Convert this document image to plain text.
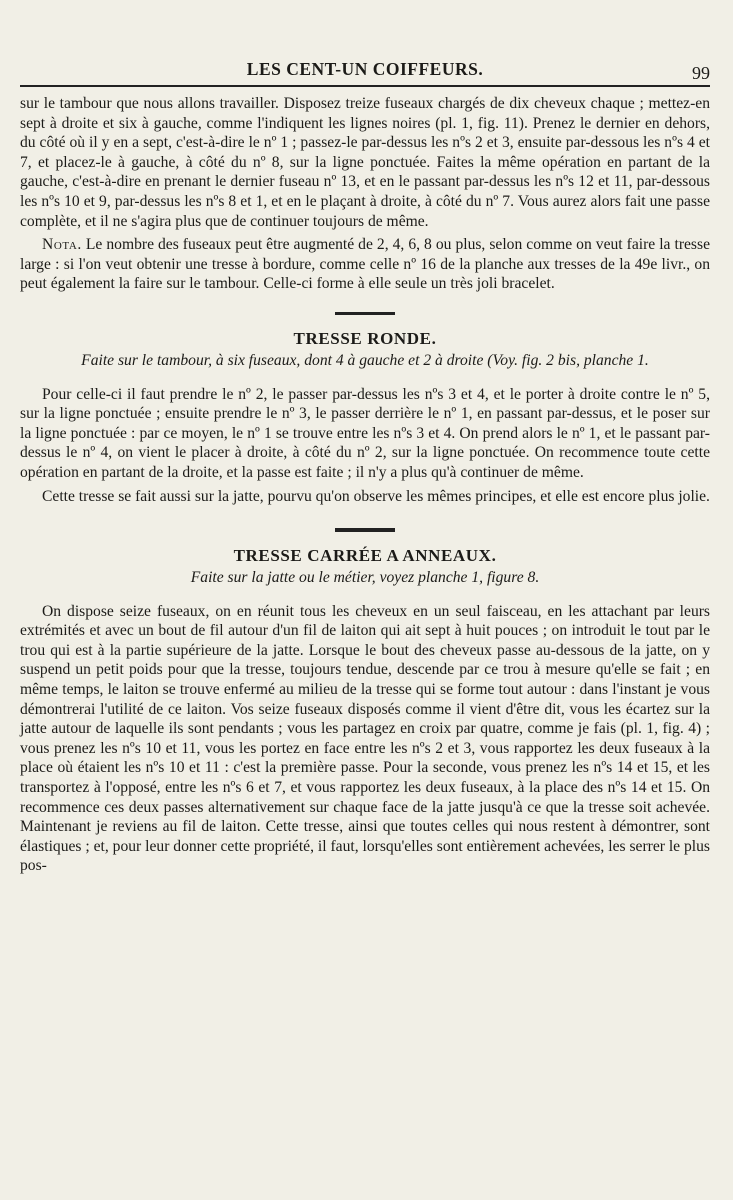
LES CENT-UN COIFFEURS.	99

sur le tambour que nous allons travailler. Disposez treize fuseaux chargés de dix cheveux chaque ; mettez-en sept à droite et six à gauche, comme l'indiquent les lignes noires (pl. 1, fig. 11). Prenez le dernier en dehors, du côté où il y en a sept, c'est-à-dire le nº 1 ; passez-le par-dessus les nºs 2 et 3, ensuite par-dessous les nºs 4 et 7, et placez-le à gauche, à côté du nº 8, sur la ligne ponctuée. Faites la même opération en partant de la gauche, c'est-à-dire en prenant le dernier fuseau nº 13, et en le passant par-dessus les nºs 12 et 11, par-dessous les nºs 10 et 9, par-dessus les nºs 8 et 1, et en le plaçant à droite, à côté du nº 7. Vous aurez alors fait une passe complète, et il ne s'agira plus que de continuer toujours de même.

Nota. Le nombre des fuseaux peut être augmenté de 2, 4, 6, 8 ou plus, selon comme on veut faire la tresse large : si l'on veut obtenir une tresse à bordure, comme celle nº 16 de la planche aux tresses de la 49e livr., on peut également la faire sur le tambour. Celle-ci forme à elle seule un très joli bracelet.

TRESSE RONDE.
Faite sur le tambour, à six fuseaux, dont 4 à gauche et 2 à droite (Voy. fig. 2 bis, planche 1.

Pour celle-ci il faut prendre le nº 2, le passer par-dessus les nºs 3 et 4, et le porter à droite contre le nº 5, sur la ligne ponctuée ; ensuite prendre le nº 3, le passer derrière le nº 1, en passant par-dessus, et le poser sur la ligne ponctuée : par ce moyen, le nº 1 se trouve entre les nºs 3 et 4. On prend alors le nº 1, et le passant par-dessus le nº 4, on vient le placer à droite, à côté du nº 2, sur la ligne ponctuée. On recommence toute cette opération en partant de la droite, et la passe est faite ; il n'y a plus qu'à continuer de même.

Cette tresse se fait aussi sur la jatte, pourvu qu'on observe les mêmes principes, et elle est encore plus jolie.

TRESSE CARRÉE A ANNEAUX.
Faite sur la jatte ou le métier, voyez planche 1, figure 8.

On dispose seize fuseaux, on en réunit tous les cheveux en un seul faisceau, en les attachant par leurs extrémités et avec un bout de fil autour d'un fil de laiton qui ait sept à huit pouces ; on introduit le tout par le trou qui est à la partie supérieure de la jatte. Lorsque le bout des cheveux passe au-dessous de la jatte, on y suspend un petit poids pour que la tresse, toujours tendue, descende par ce trou à mesure qu'elle se fait ; en même temps, le laiton se trouve enfermé au milieu de la tresse qui se forme tout autour : dans l'instant je vous démontrerai l'utilité de ce laiton. Vos seize fuseaux disposés comme il vient d'être dit, vous les écartez sur la jatte autour de laquelle ils sont pendants ; vous les partagez en croix par quatre, comme je fais (pl. 1, fig. 4) ; vous prenez les nºs 10 et 11, vous les portez en face entre les nºs 2 et 3, vous rapportez les deux fuseaux à la place où étaient les nºs 10 et 11 : c'est la première passe. Pour la seconde, vous prenez les nºs 14 et 15, et les transportez à l'opposé, entre les nºs 6 et 7, et vous rapportez les deux fuseaux, à la place des nºs 14 et 15. On recommence ces deux passes alternativement sur chaque face de la jatte jusqu'à ce que la tresse soit achevée. Maintenant je reviens au fil de laiton. Cette tresse, ainsi que toutes celles qui nous restent à démontrer, sont élastiques ; et, pour leur donner cette propriété, il faut, lorsqu'elles sont entièrement achevées, les serrer le plus pos-
